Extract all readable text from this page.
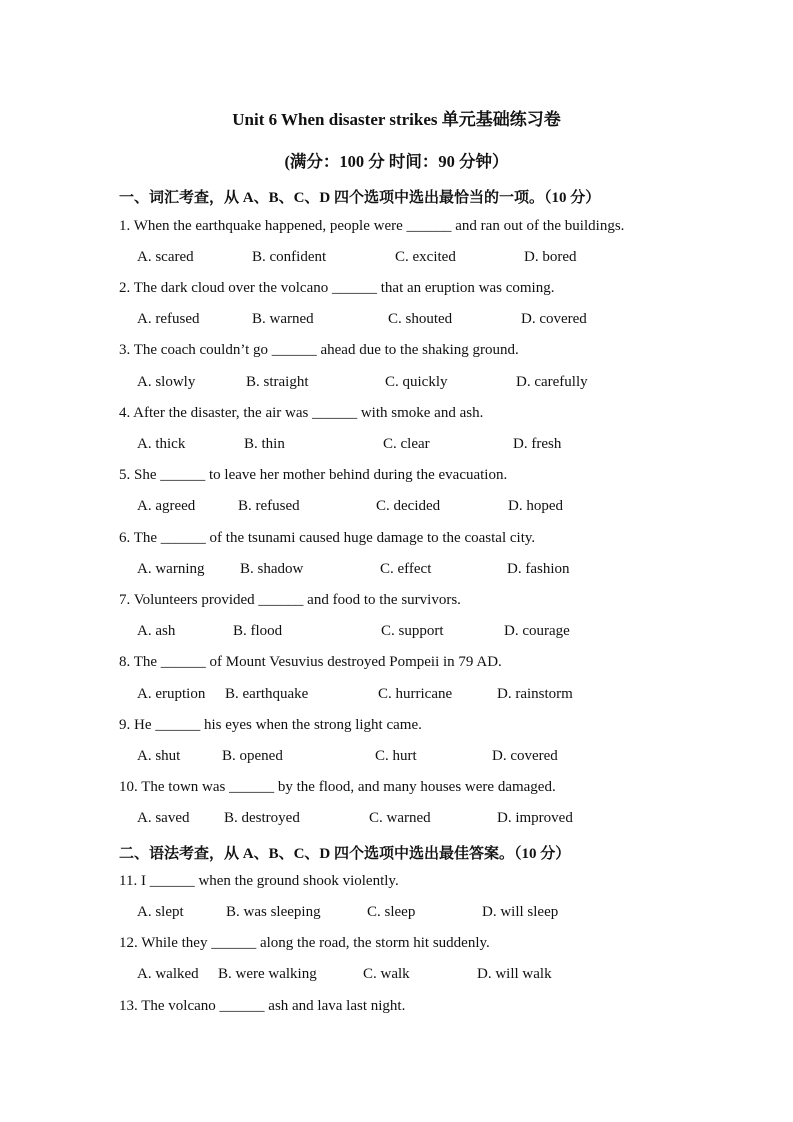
Unit 6 When disaster strikes 单元基础练习卷
(满分：100 分 时间：90 分钟）
一、词汇考查，从 A、B、C、D 四个选项中选出最恰当的一项。（10 分）
1. When the earthquake happened, people were ______ and ran out of the buildings.
A. scared	B. confident	C. excited	D. bored
2. The dark cloud over the volcano ______ that an eruption was coming.
A. refused	B. warned	C. shouted	D. covered
3. The coach couldn’t go ______ ahead due to the shaking ground.
A. slowly	B. straight	C. quickly	D. carefully
4. After the disaster, the air was ______ with smoke and ash.
A. thick	B. thin	C. clear	D. fresh
5. She ______ to leave her mother behind during the evacuation.
A. agreed	B. refused	C. decided	D. hoped
6. The ______ of the tsunami caused huge damage to the coastal city.
A. warning B. shadow	C. effect	D. fashion
7. Volunteers provided ______ and food to the survivors.
A. ash	B. flood	C. support	D. courage
8. The ______ of Mount Vesuvius destroyed Pompeii in 79 AD.
A. eruption B. earthquake	C. hurricane	D. rainstorm
9. He ______ his eyes when the strong light came.
A. shut	B. opened	C. hurt	D. covered
10. The town was ______ by the flood, and many houses were damaged.
A. saved B. destroyed	C. warned	D. improved
二、语法考查，从 A、B、C、D 四个选项中选出最佳答案。（10 分）
11. I ______ when the ground shook violently.
A. slept	B. was sleeping	C. sleep	D. will sleep
12. While they ______ along the road, the storm hit suddenly.
A. walked B. were walking	C. walk	D. will walk
13. The volcano ______ ash and lava last night.
